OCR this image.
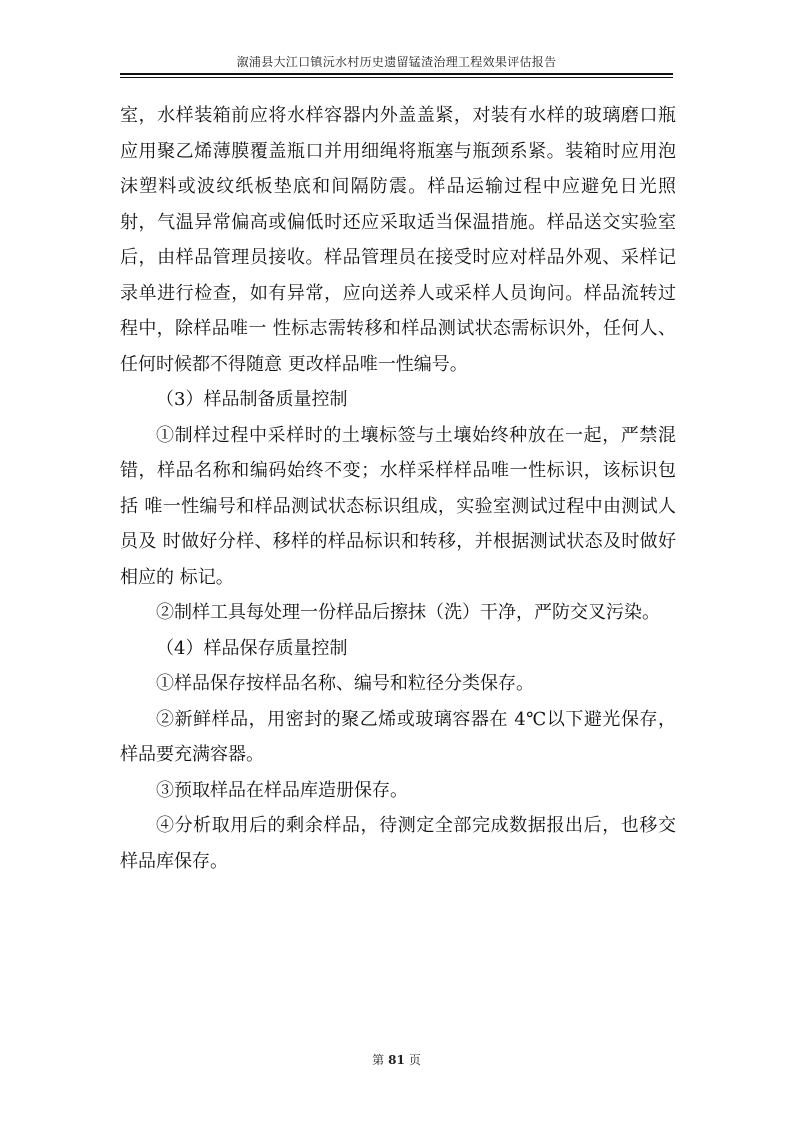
溆浦县大江口镇沅水村历史遗留锰渣治理工程效果评估报告

室，水样装箱前应将水样容器内外盖盖紧，对装有水样的玻璃磨口瓶应用聚乙烯薄膜覆盖瓶口并用细绳将瓶塞与瓶颈系紧。装箱时应用泡沫塑料或波纹纸板垫底和间隔防震。样品运输过程中应避免日光照射，气温异常偏高或偏低时还应采取适当保温措施。样品送交实验室后，由样品管理员接收。样品管理员在接受时应对样品外观、采样记录单进行检查，如有异常，应向送养人或采样人员询问。样品流转过程中，除样品唯一 性标志需转移和样品测试状态需标识外，任何人、任何时候都不得随意 更改样品唯一性编号。

（3）样品制备质量控制

①制样过程中采样时的土壤标签与土壤始终种放在一起，严禁混错，样品名称和编码始终不变；水样采样样品唯一性标识，该标识包括 唯一性编号和样品测试状态标识组成，实验室测试过程中由测试人员及 时做好分样、移样的样品标识和转移，并根据测试状态及时做好相应的 标记。

②制样工具每处理一份样品后擦抹（洗）干净，严防交叉污染。

（4）样品保存质量控制

①样品保存按样品名称、编号和粒径分类保存。

②新鲜样品，用密封的聚乙烯或玻璃容器在 4℃以下避光保存，样品要充满容器。

③预取样品在样品库造册保存。

④分析取用后的剩余样品，待测定全部完成数据报出后，也移交样品库保存。

第 81 页
